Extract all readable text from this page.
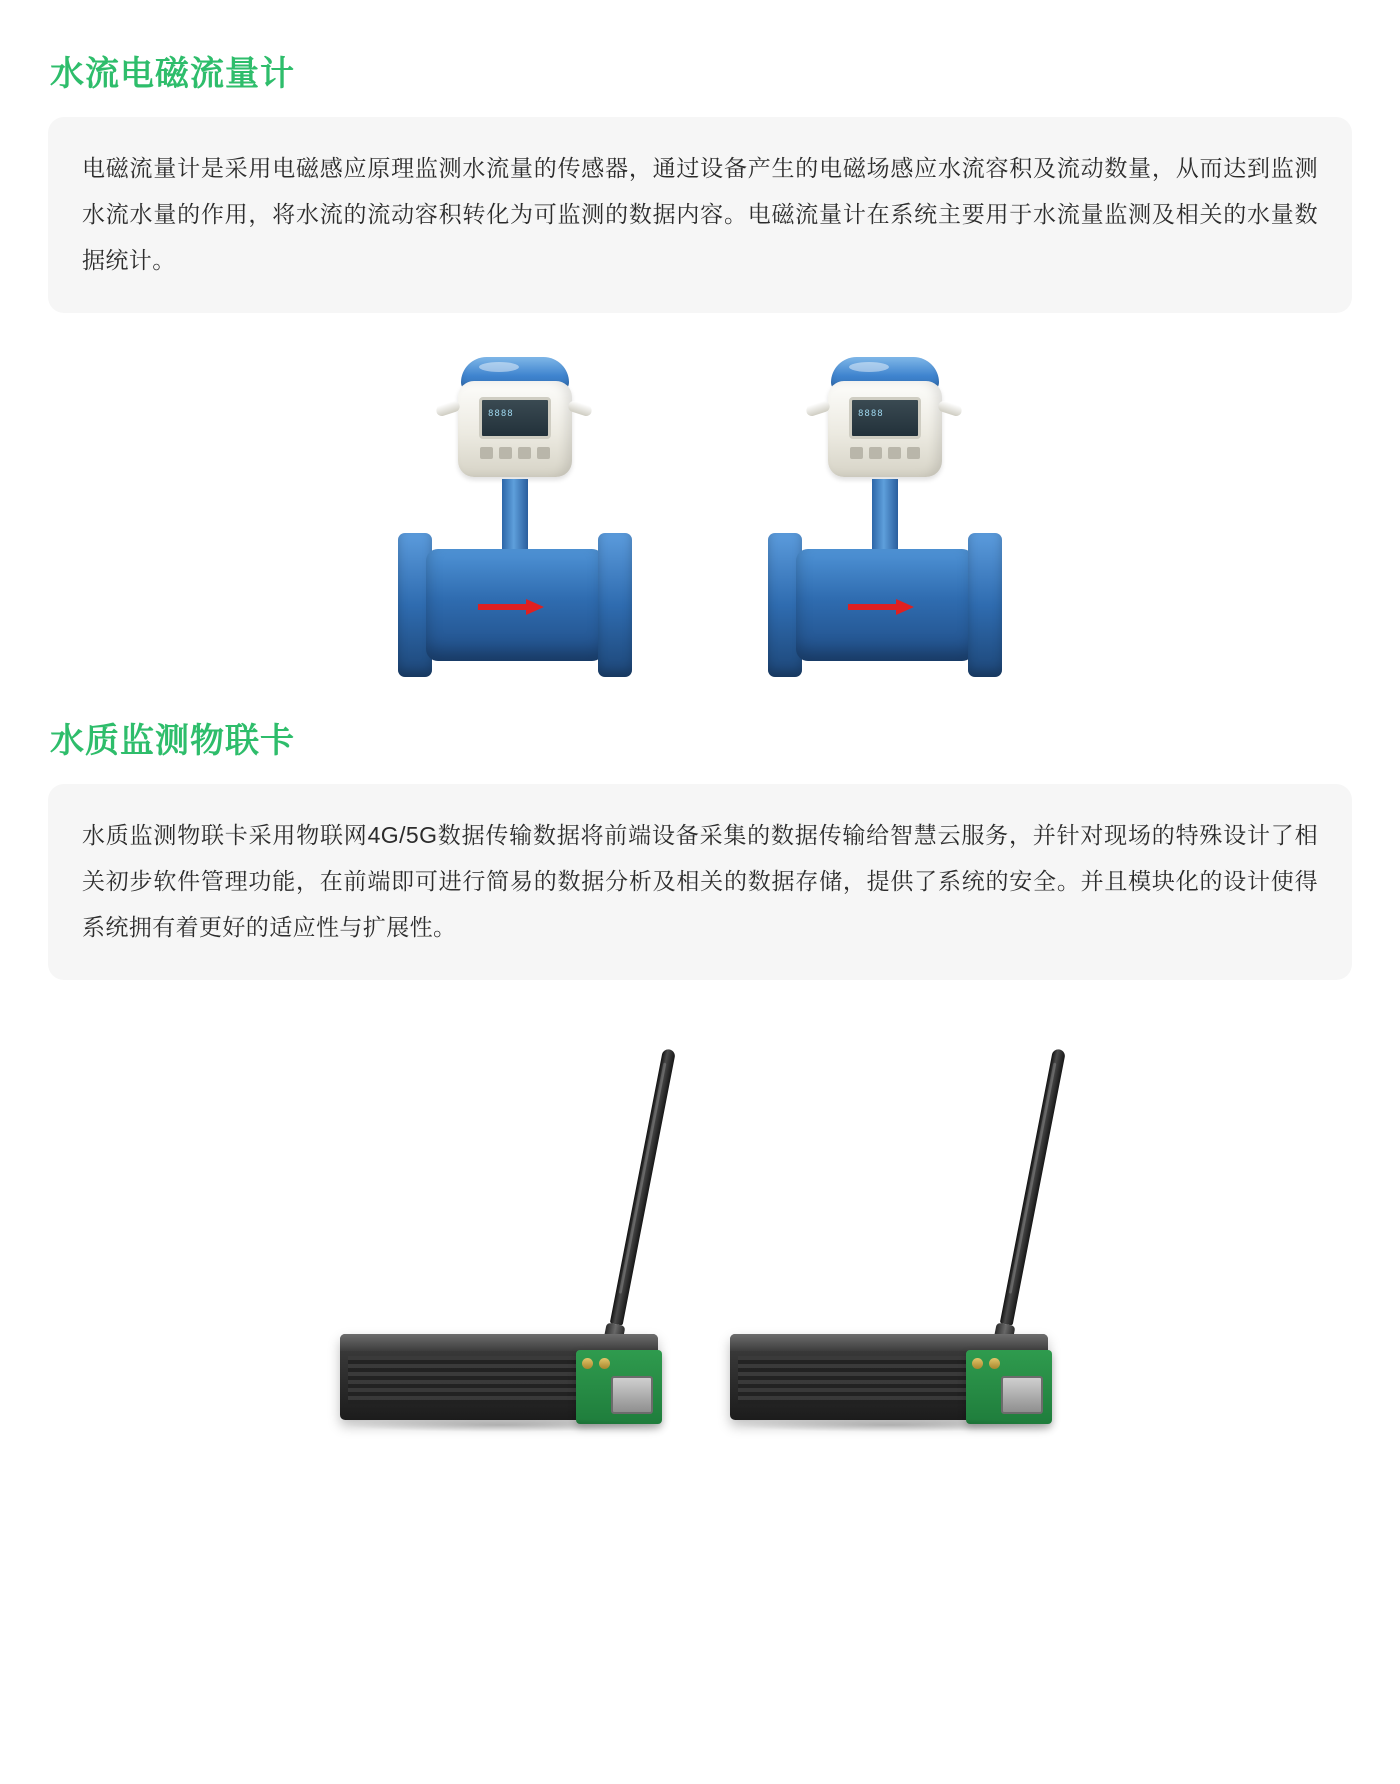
水流电磁流量计

电磁流量计是采用电磁感应原理监测水流量的传感器，通过设备产生的电磁场感应水流容积及流动数量，从而达到监测水流水量的作用，将水流的流动容积转化为可监测的数据内容。电磁流量计在系统主要用于水流量监测及相关的水量数据统计。

8888	8888
水质监测物联卡

水质监测物联卡采用物联网4G/5G数据传输数据将前端设备采集的数据传输给智慧云服务，并针对现场的特殊设计了相关初步软件管理功能，在前端即可进行简易的数据分析及相关的数据存储，提供了系统的安全。并且模块化的设计使得系统拥有着更好的适应性与扩展性。
